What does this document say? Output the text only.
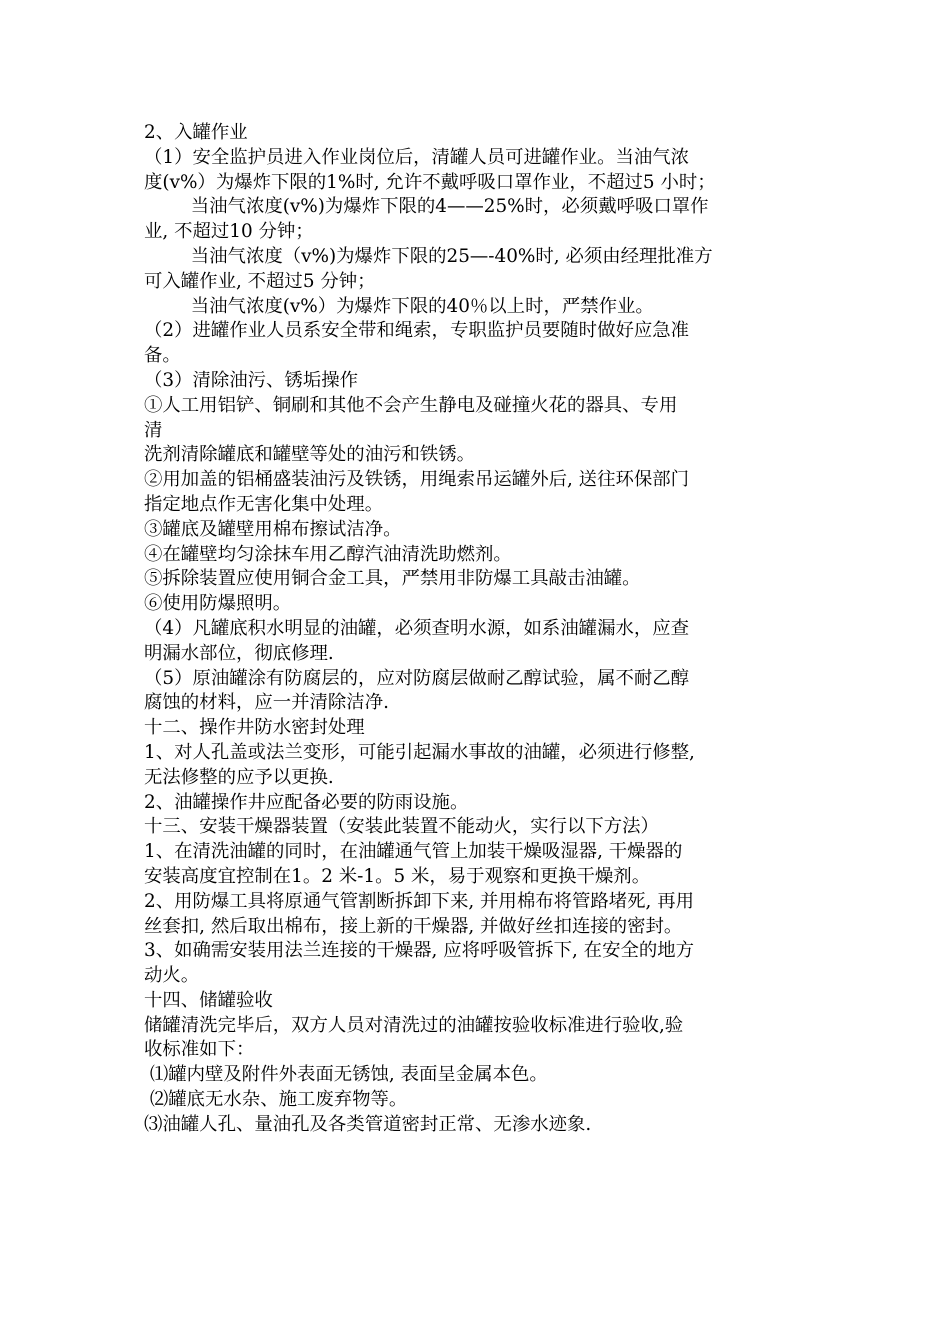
2、入罐作业
（1）安全监护员进入作业岗位后，清罐人员可进罐作业。当油气浓
度(v%）为爆炸下限的1%时, 允许不戴呼吸口罩作业，不超过5 小时；
当油气浓度(v%)为爆炸下限的4——25%时，必须戴呼吸口罩作
业, 不超过10 分钟；
当油气浓度（v%)为爆炸下限的25—-40%时, 必须由经理批准方
可入罐作业, 不超过5 分钟；
当油气浓度(v%）为爆炸下限的40％以上时，严禁作业。
（2）进罐作业人员系安全带和绳索，专职监护员要随时做好应急准
备。
（3）清除油污、锈垢操作
①人工用铝铲、铜刷和其他不会产生静电及碰撞火花的器具、专用
清
洗剂清除罐底和罐壁等处的油污和铁锈。
②用加盖的铝桶盛装油污及铁锈，用绳索吊运罐外后, 送往环保部门
指定地点作无害化集中处理。
③罐底及罐壁用棉布擦试洁净。
④在罐壁均匀涂抹车用乙醇汽油清洗助燃剂。
⑤拆除装置应使用铜合金工具，严禁用非防爆工具敲击油罐。
⑥使用防爆照明。
（4）凡罐底积水明显的油罐，必须查明水源，如系油罐漏水，应查
明漏水部位，彻底修理.
（5）原油罐涂有防腐层的，应对防腐层做耐乙醇试验，属不耐乙醇
腐蚀的材料，应一并清除洁净.
十二、操作井防水密封处理
1、对人孔盖或法兰变形，可能引起漏水事故的油罐，必须进行修整,
无法修整的应予以更换.
2、油罐操作井应配备必要的防雨设施。
十三、安装干燥器装置（安装此装置不能动火，实行以下方法）
1、在清洗油罐的同时，在油罐通气管上加装干燥吸湿器, 干燥器的
安装高度宜控制在1。2 米-1。5 米，易于观察和更换干燥剂。
2、用防爆工具将原通气管割断拆卸下来, 并用棉布将管路堵死, 再用
丝套扣, 然后取出棉布，接上新的干燥器, 并做好丝扣连接的密封。
3、如确需安装用法兰连接的干燥器, 应将呼吸管拆下, 在安全的地方
动火。
十四、储罐验收
储罐清洗完毕后，双方人员对清洗过的油罐按验收标准进行验收,验
收标准如下：
⑴罐内壁及附件外表面无锈蚀, 表面呈金属本色。
⑵罐底无水杂、施工废弃物等。
⑶油罐人孔、量油孔及各类管道密封正常、无渗水迹象.
